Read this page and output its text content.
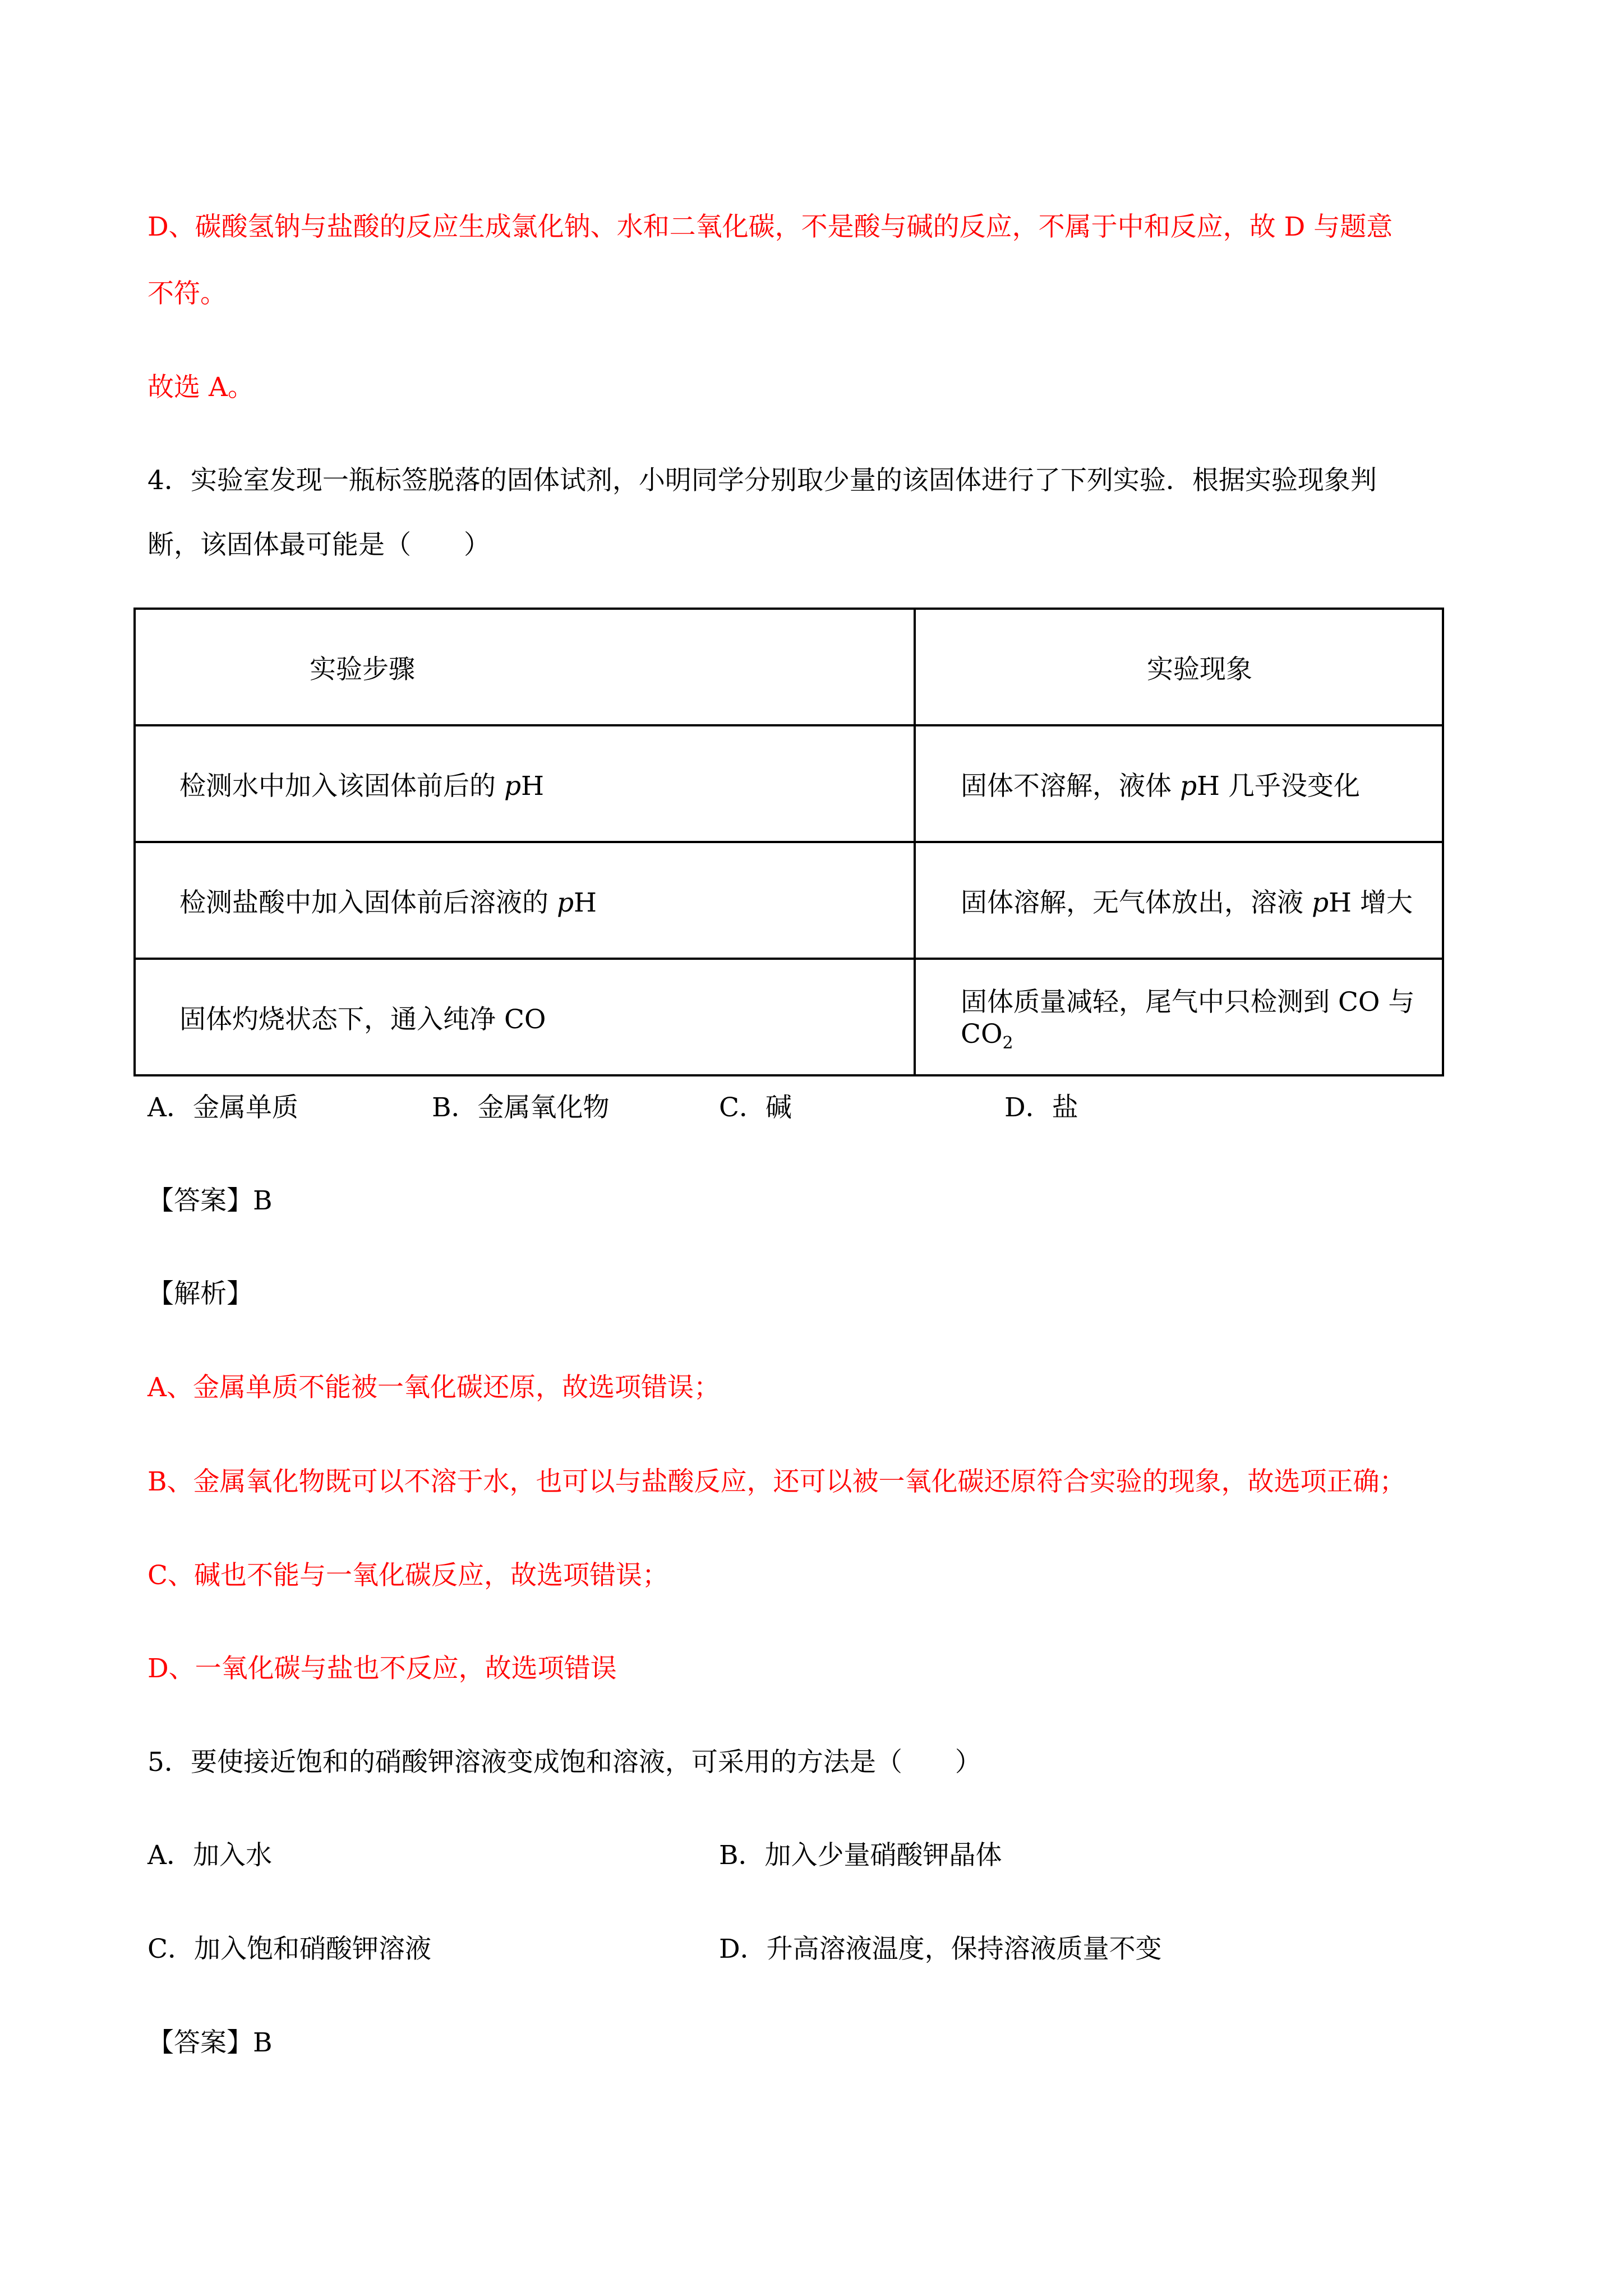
D、碳酸氢钠与盐酸的反应生成氯化钠、水和二氧化碳，不是酸与碱的反应，不属于中和反应，故 D 与题意
不符。
故选 A。
4．实验室发现一瓶标签脱落的固体试剂，小明同学分别取少量的该固体进行了下列实验．根据实验现象判
断，该固体最可能是（　　）
实验步骤	实验现象
检测水中加入该固体前后的 pH	固体不溶解，液体 pH 几乎没变化
检测盐酸中加入固体前后溶液的 pH	固体溶解，无气体放出，溶液 pH 增大
固体灼烧状态下，通入纯净 CO	固体质量减轻，尾气中只检测到 CO 与 $CO_2$
A．金属单质	B．金属氧化物	C．碱	D．盐
【答案】B
【解析】
A、金属单质不能被一氧化碳还原，故选项错误；
B、金属氧化物既可以不溶于水，也可以与盐酸反应，还可以被一氧化碳还原符合实验的现象，故选项正确；
C、碱也不能与一氧化碳反应，故选项错误；
D、一氧化碳与盐也不反应，故选项错误
5．要使接近饱和的硝酸钾溶液变成饱和溶液，可采用的方法是（　　）
A．加入水	B．加入少量硝酸钾晶体
C．加入饱和硝酸钾溶液	D．升高溶液温度，保持溶液质量不变
【答案】B
